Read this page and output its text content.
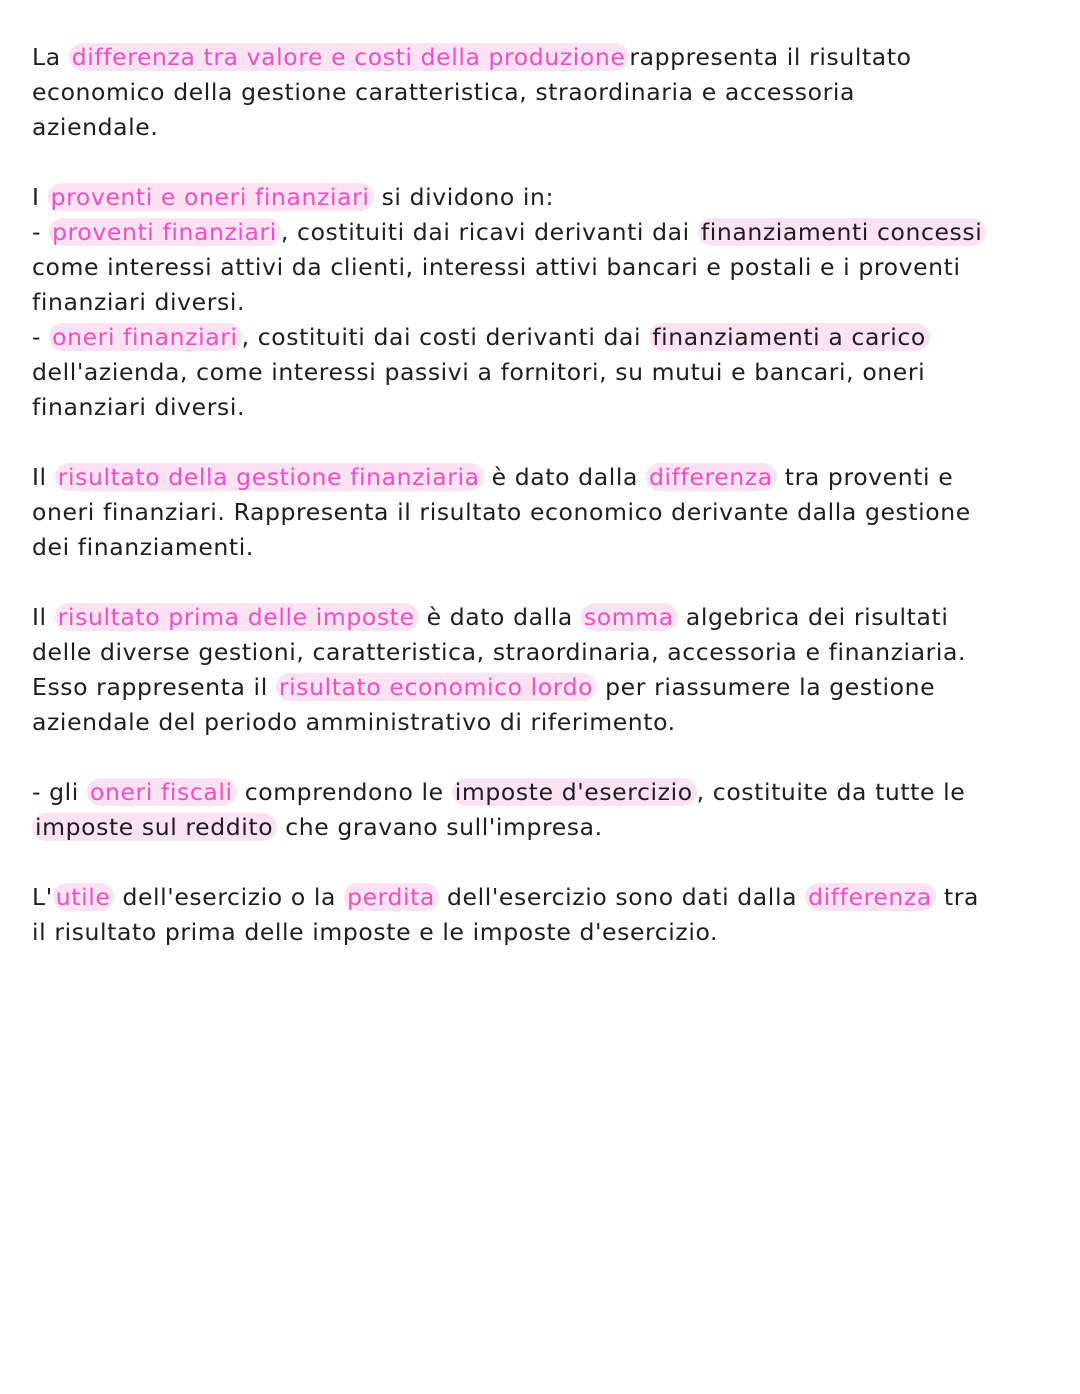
La differenza tra valore e costi della produzione rappresenta il risultato
economico della gestione caratteristica, straordinaria e accessoria
aziendale.
I proventi e oneri finanziari si dividono in:
- proventi finanziari , costituiti dai ricavi derivanti dai finanziamenti concessi
come interessi attivi da clienti, interessi attivi bancari e postali e i proventi
finanziari diversi.
- oneri finanziari , costituiti dai costi derivanti dai finanziamenti a carico
dell'azienda, come interessi passivi a fornitori, su mutui e bancari, oneri
finanziari diversi.
Il risultato della gestione finanziaria è dato dalla differenza tra proventi e
oneri finanziari. Rappresenta il risultato economico derivante dalla gestione
dei finanziamenti.
Il risultato prima delle imposte è dato dalla somma algebrica dei risultati
delle diverse gestioni, caratteristica, straordinaria, accessoria e finanziaria.
Esso rappresenta il risultato economico lordo per riassumere la gestione
aziendale del periodo amministrativo di riferimento.
- gli oneri fiscali comprendono le imposte d'esercizio , costituite da tutte le
imposte sul reddito che gravano sull'impresa.
L' utile dell'esercizio o la perdita dell'esercizio sono dati dalla differenza tra
il risultato prima delle imposte e le imposte d'esercizio.
